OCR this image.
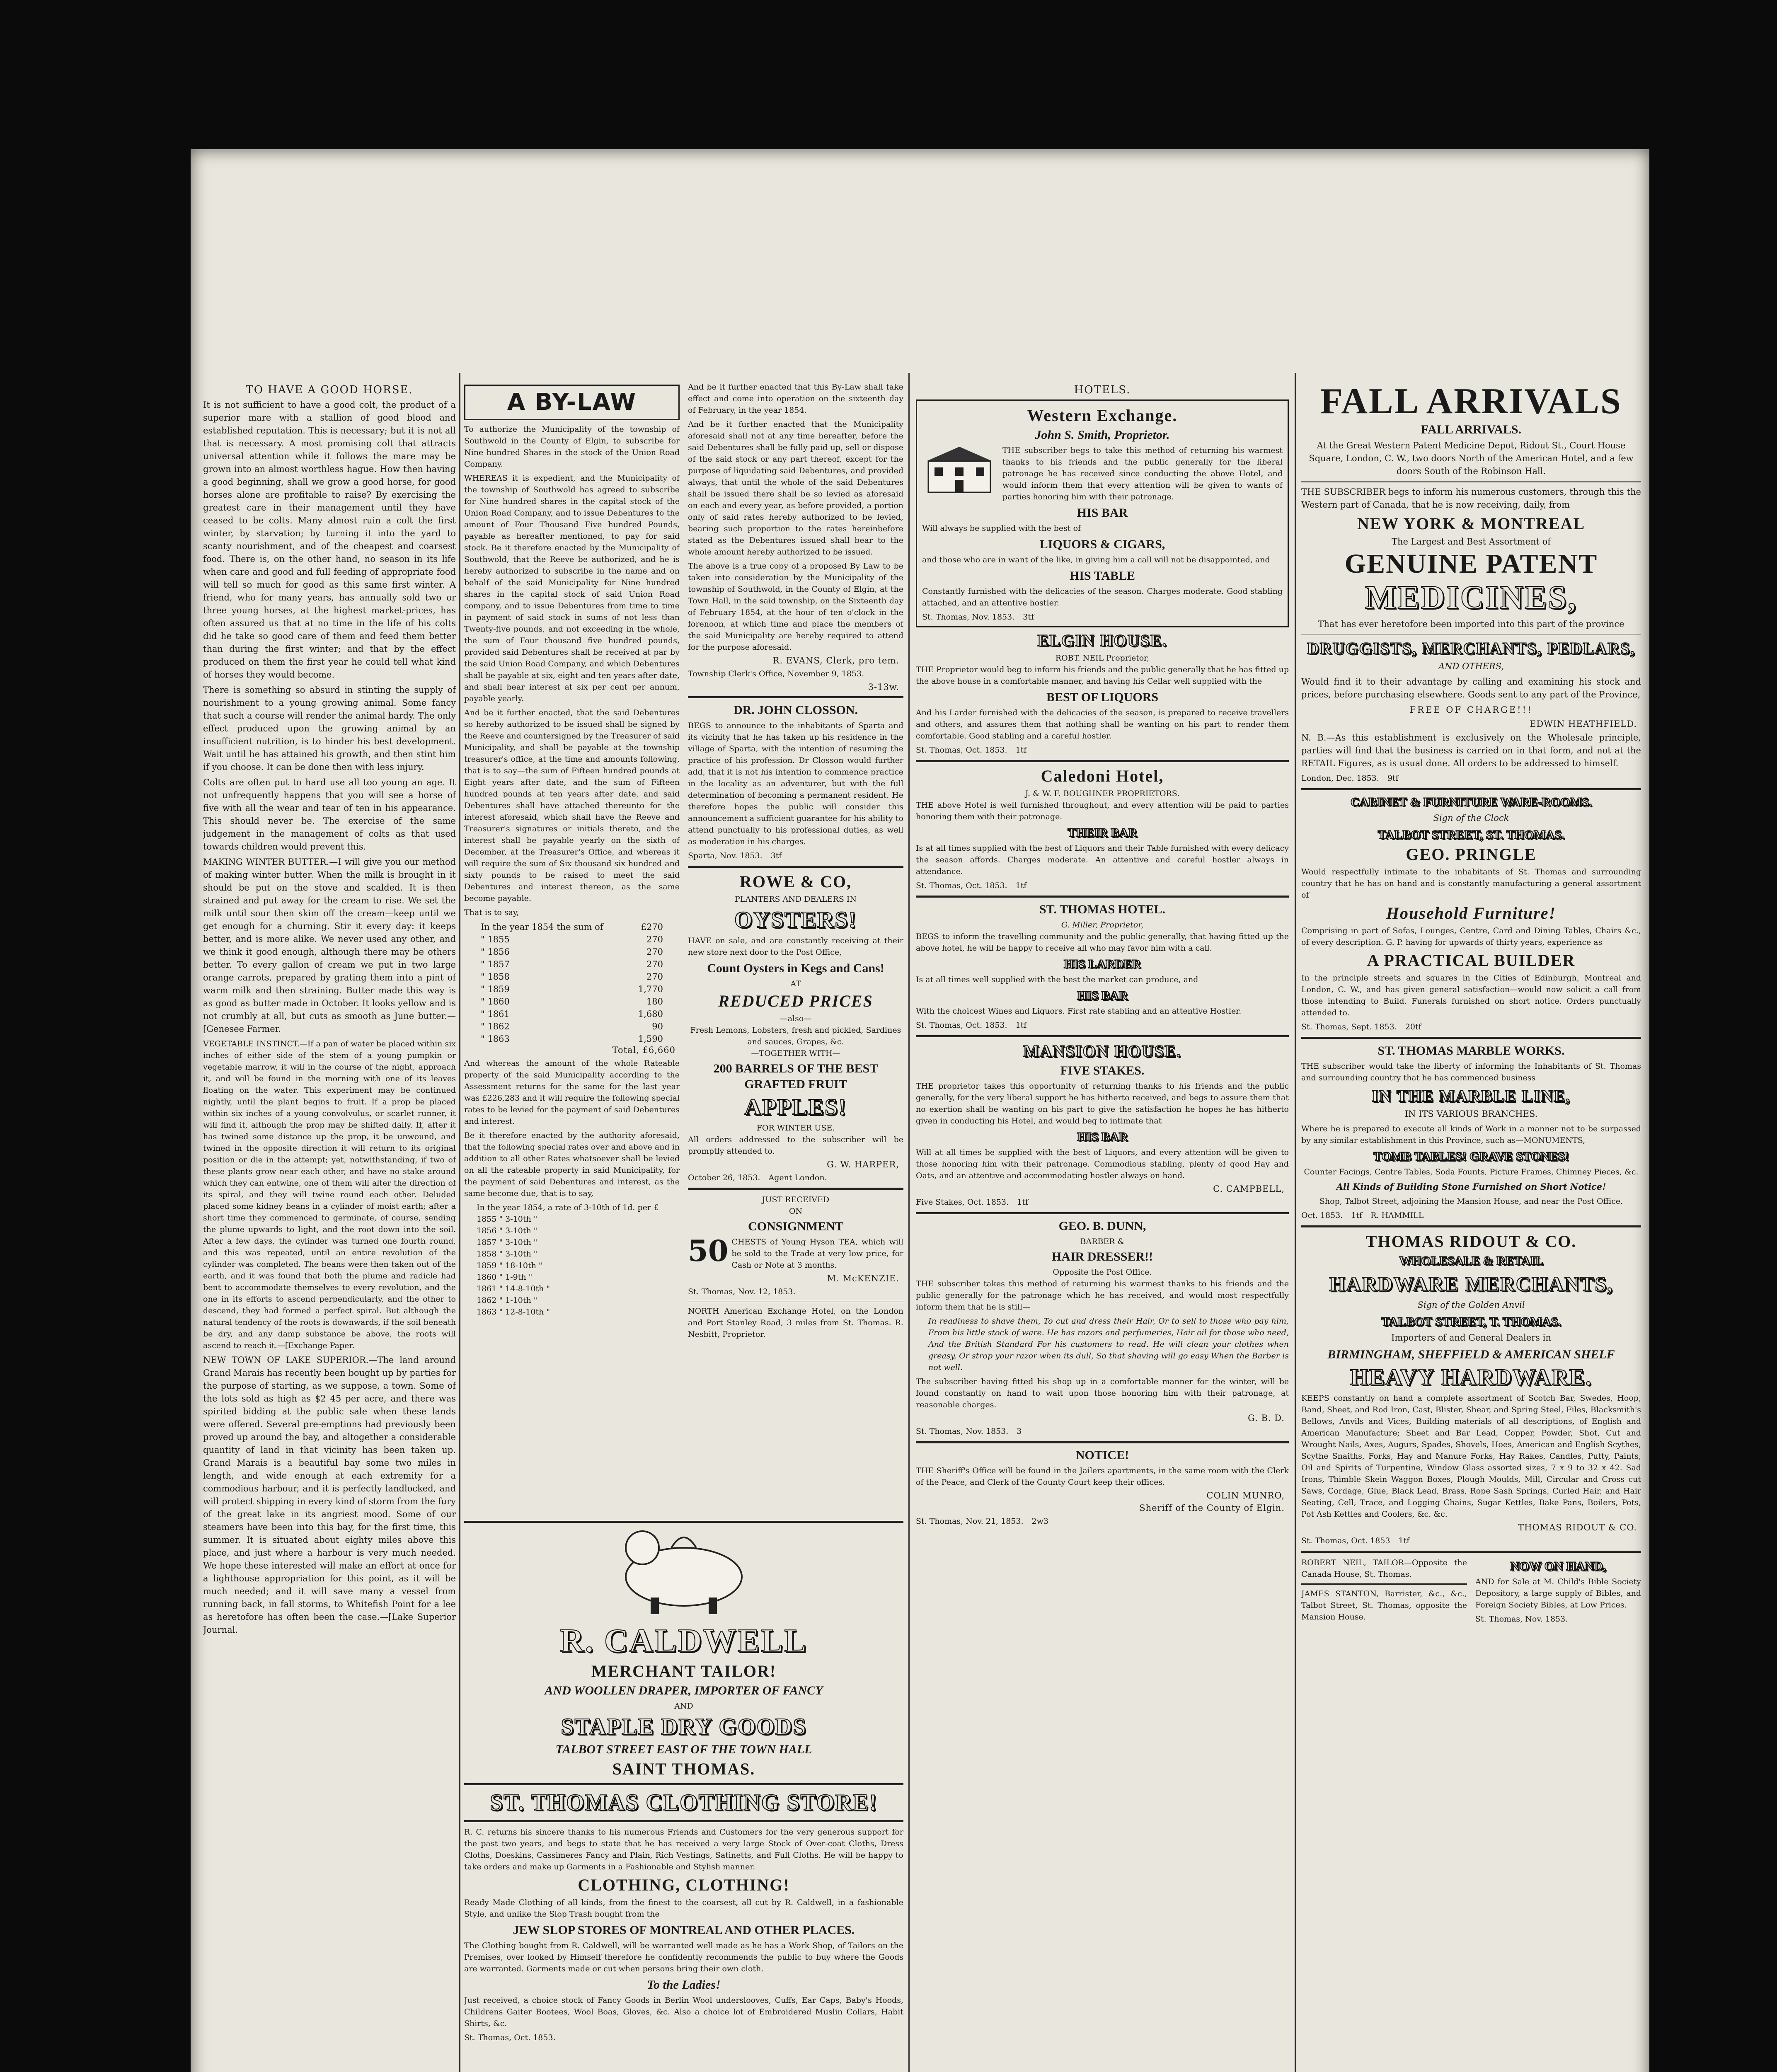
TO HAVE A GOOD HORSE.

It is not sufficient to have a good colt, the product of a superior mare with a stallion of good blood and established reputation. This is necessary; but it is not all that is necessary. A most promising colt that attracts universal attention while it follows the mare may be grown into an almost worthless hague. How then having a good beginning, shall we grow a good horse, for good horses alone are profitable to raise? By exercising the greatest care in their management until they have ceased to be colts. Many almost ruin a colt the first winter, by starvation; by turning it into the yard to scanty nourishment, and of the cheapest and coarsest food. There is, on the other hand, no season in its life when care and good and full feeding of appropriate food will tell so much for good as this same first winter. A friend, who for many years, has annually sold two or three young horses, at the highest market-prices, has often assured us that at no time in the life of his colts did he take so good care of them and feed them better than during the first winter; and that by the effect produced on them the first year he could tell what kind of horses they would become.

There is something so absurd in stinting the supply of nourishment to a young growing animal. Some fancy that such a course will render the animal hardy. The only effect produced upon the growing animal by an insufficient nutrition, is to hinder his best development. Wait until he has attained his growth, and then stint him if you choose. It can be done then with less injury.

Colts are often put to hard use all too young an age. It not unfrequently happens that you will see a horse of five with all the wear and tear of ten in his appearance. This should never be. The exercise of the same judgement in the management of colts as that used towards children would prevent this.

MAKING WINTER BUTTER.—I will give you our method of making winter butter. When the milk is brought in it should be put on the stove and scalded. It is then strained and put away for the cream to rise. We set the milk until sour then skim off the cream—keep until we get enough for a churning. Stir it every day: it keeps better, and is more alike. We never used any other, and we think it good enough, although there may be others better. To every gallon of cream we put in two large orange carrots, prepared by grating them into a pint of warm milk and then straining. Butter made this way is as good as butter made in October. It looks yellow and is not crumbly at all, but cuts as smooth as June butter.—[Genesee Farmer.

VEGETABLE INSTINCT.—If a pan of water be placed within six inches of either side of the stem of a young pumpkin or vegetable marrow, it will in the course of the night, approach it, and will be found in the morning with one of its leaves floating on the water. This experiment may be continued nightly, until the plant begins to fruit. If a prop be placed within six inches of a young convolvulus, or scarlet runner, it will find it, although the prop may be shifted daily. If, after it has twined some distance up the prop, it be unwound, and twined in the opposite direction it will return to its original position or die in the attempt; yet, notwithstanding, if two of these plants grow near each other, and have no stake around which they can entwine, one of them will alter the direction of its spiral, and they will twine round each other. Deluded placed some kidney beans in a cylinder of moist earth; after a short time they commenced to germinate, of course, sending the plume upwards to light, and the root down into the soil. After a few days, the cylinder was turned one fourth round, and this was repeated, until an entire revolution of the cylinder was completed. The beans were then taken out of the earth, and it was found that both the plume and radicle had bent to accommodate themselves to every revolution, and the one in its efforts to ascend perpendicularly, and the other to descend, they had formed a perfect spiral. But although the natural tendency of the roots is downwards, if the soil beneath be dry, and any damp substance be above, the roots will ascend to reach it.—[Exchange Paper.

NEW TOWN OF LAKE SUPERIOR.—The land around Grand Marais has recently been bought up by parties for the purpose of starting, as we suppose, a town. Some of the lots sold as high as $2 45 per acre, and there was spirited bidding at the public sale when these lands were offered. Several pre-emptions had previously been proved up around the bay, and altogether a considerable quantity of land in that vicinity has been taken up. Grand Marais is a beautiful bay some two miles in length, and wide enough at each extremity for a commodious harbour, and it is perfectly landlocked, and will protect shipping in every kind of storm from the fury of the great lake in its angriest mood. Some of our steamers have been into this bay, for the first time, this summer. It is situated about eighty miles above this place, and just where a harbour is very much needed. We hope these interested will make an effort at once for a lighthouse appropriation for this point, as it will be much needed; and it will save many a vessel from running back, in fall storms, to Whitefish Point for a lee as heretofore has often been the case.—[Lake Superior Journal.

A BY-LAW

To authorize the Municipality of the township of Southwold in the County of Elgin, to subscribe for Nine hundred Shares in the stock of the Union Road Company.

WHEREAS it is expedient, and the Municipality of the township of Southwold has agreed to subscribe for Nine hundred shares in the capital stock of the Union Road Company, and to issue Debentures to the amount of Four Thousand Five hundred Pounds, payable as hereafter mentioned, to pay for said stock. Be it therefore enacted by the Municipality of Southwold, that the Reeve be authorized, and he is hereby authorized to subscribe in the name and on behalf of the said Municipality for Nine hundred shares in the capital stock of said Union Road company, and to issue Debentures from time to time in payment of said stock in sums of not less than Twenty-five pounds, and not exceeding in the whole, the sum of Four thousand five hundred pounds, provided said Debentures shall be received at par by the said Union Road Company, and which Debentures shall be payable at six, eight and ten years after date, and shall bear interest at six per cent per annum, payable yearly.

And be it further enacted, that the said Debentures so hereby authorized to be issued shall be signed by the Reeve and countersigned by the Treasurer of said Municipality, and shall be payable at the township treasurer's office, at the time and amounts following, that is to say—the sum of Fifteen hundred pounds at Eight years after date, and the sum of Fifteen hundred pounds at ten years after date, and said Debentures shall have attached thereunto for the interest aforesaid, which shall have the Reeve and Treasurer's signatures or initials thereto, and the interest shall be payable yearly on the sixth of December, at the Treasurer's Office, and whereas it will require the sum of Six thousand six hundred and sixty pounds to be raised to meet the said Debentures and interest thereon, as the same become payable.

That is to say,

In the year 1854 the sum of	£270
" 1855	270
" 1856	270
" 1857	270
" 1858	270
" 1859	1,770
" 1860	180
" 1861	1,680
" 1862	90
" 1863	1,590
Total, £6,660

And whereas the amount of the whole Rateable property of the said Municipality according to the Assessment returns for the same for the last year was £226,283 and it will require the following special rates to be levied for the payment of said Debentures and interest.

Be it therefore enacted by the authority aforesaid, that the following special rates over and above and in addition to all other Rates whatsoever shall be levied on all the rateable property in said Municipality, for the payment of said Debentures and interest, as the same become due, that is to say,

In the year 1854, a rate of 3-10th of 1d. per £
1855 " 3-10th "
1856 " 3-10th "
1857 " 3-10th "
1858 " 3-10th "
1859 " 18-10th "
1860 " 1-9th "
1861 " 14-8-10th "
1862 " 1-10th "
1863 " 12-8-10th "

And be it further enacted that this By-Law shall take effect and come into operation on the sixteenth day of February, in the year 1854.

And be it further enacted that the Municipality aforesaid shall not at any time hereafter, before the said Debentures shall be fully paid up, sell or dispose of the said stock or any part thereof, except for the purpose of liquidating said Debentures, and provided always, that until the whole of the said Debentures shall be issued there shall be so levied as aforesaid on each and every year, as before provided, a portion only of said rates hereby authorized to be levied, bearing such proportion to the rates hereinbefore stated as the Debentures issued shall bear to the whole amount hereby authorized to be issued.

The above is a true copy of a proposed By Law to be taken into consideration by the Municipality of the township of Southwold, in the County of Elgin, at the Town Hall, in the said township, on the Sixteenth day of February 1854, at the hour of ten o'clock in the forenoon, at which time and place the members of the said Municipality are hereby required to attend for the purpose aforesaid.

R. EVANS, Clerk, pro tem.
Township Clerk's Office, November 9, 1853.
3-13w.
DR. JOHN CLOSSON.

BEGS to announce to the inhabitants of Sparta and its vicinity that he has taken up his residence in the village of Sparta, with the intention of resuming the practice of his profession. Dr Closson would further add, that it is not his intention to commence practice in the locality as an adventurer, but with the full determination of becoming a permanent resident. He therefore hopes the public will consider this announcement a sufficient guarantee for his ability to attend punctually to his professional duties, as well as moderation in his charges.

Sparta, Nov. 1853. 3tf
ROWE & CO,
PLANTERS AND DEALERS IN
OYSTERS!

HAVE on sale, and are constantly receiving at their new store next door to the Post Office,

Count Oysters in Kegs and Cans!
AT
REDUCED PRICES
—also—
Fresh Lemons, Lobsters, fresh and pickled, Sardines and sauces, Grapes, &c.
—TOGETHER WITH—
200 BARRELS OF THE BEST GRAFTED FRUIT
APPLES!
FOR WINTER USE.

All orders addressed to the subscriber will be promptly attended to.

G. W. HARPER,
October 26, 1853. Agent London.
JUST RECEIVED
ON
CONSIGNMENT

50 CHESTS of Young Hyson TEA, which will be sold to the Trade at very low price, for Cash or Note at 3 months.

M. McKENZIE.
St. Thomas, Nov. 12, 1853.

NORTH American Exchange Hotel, on the London and Port Stanley Road, 3 miles from St. Thomas. R. Nesbitt, Proprietor.

R. CALDWELL
MERCHANT TAILOR!
AND WOOLLEN DRAPER, IMPORTER OF FANCY
AND
STAPLE DRY GOODS
TALBOT STREET EAST OF THE TOWN HALL
SAINT THOMAS.
ST. THOMAS CLOTHING STORE!

R. C. returns his sincere thanks to his numerous Friends and Customers for the very generous support for the past two years, and begs to state that he has received a very large Stock of Over-coat Cloths, Dress Cloths, Doeskins, Cassimeres Fancy and Plain, Rich Vestings, Satinetts, and Full Cloths. He will be happy to take orders and make up Garments in a Fashionable and Stylish manner.

CLOTHING, CLOTHING!

Ready Made Clothing of all kinds, from the finest to the coarsest, all cut by R. Caldwell, in a fashionable Style, and unlike the Slop Trash bought from the

JEW SLOP STORES OF MONTREAL AND OTHER PLACES.

The Clothing bought from R. Caldwell, will be warranted well made as he has a Work Shop, of Tailors on the Premises, over looked by Himself therefore he confidently recommends the public to buy where the Goods are warranted. Garments made or cut when persons bring their own cloth.

To the Ladies!

Just received, a choice stock of Fancy Goods in Berlin Wool underslooves, Cuffs, Ear Caps, Baby's Hoods, Childrens Gaiter Bootees, Wool Boas, Gloves, &c. Also a choice lot of Embroidered Muslin Collars, Habit Shirts, &c.

St. Thomas, Oct. 1853.
HOTELS.
Western Exchange.
John S. Smith, Proprietor.

THE subscriber begs to take this method of returning his warmest thanks to his friends and the public generally for the liberal patronage he has received since conducting the above Hotel, and would inform them that every attention will be given to wants of parties honoring him with their patronage.

HIS BAR

Will always be supplied with the best of

LIQUORS & CIGARS,

and those who are in want of the like, in giving him a call will not be disappointed, and

HIS TABLE

Constantly furnished with the delicacies of the season. Charges moderate. Good stabling attached, and an attentive hostler.

St. Thomas, Nov. 1853. 3tf
ELGIN HOUSE.
ROBT. NEIL Proprietor,

THE Proprietor would beg to inform his friends and the public generally that he has fitted up the above house in a comfortable manner, and having his Cellar well supplied with the

BEST OF LIQUORS

And his Larder furnished with the delicacies of the season, is prepared to receive travellers and others, and assures them that nothing shall be wanting on his part to render them comfortable. Good stabling and a careful hostler.

St. Thomas, Oct. 1853. 1tf
Caledoni Hotel,
J. & W. F. BOUGHNER PROPRIETORS.

THE above Hotel is well furnished throughout, and every attention will be paid to parties honoring them with their patronage.

THEIR BAR

Is at all times supplied with the best of Liquors and their Table furnished with every delicacy the season affords. Charges moderate. An attentive and careful hostler always in attendance.

St. Thomas, Oct. 1853. 1tf
ST. THOMAS HOTEL.
G. Miller, Proprietor,

BEGS to inform the travelling community and the public generally, that having fitted up the above hotel, he will be happy to receive all who may favor him with a call.

HIS LARDER

Is at all times well supplied with the best the market can produce, and

HIS BAR

With the choicest Wines and Liquors. First rate stabling and an attentive Hostler.

St. Thomas, Oct. 1853. 1tf
MANSION HOUSE.
FIVE STAKES.

THE proprietor takes this opportunity of returning thanks to his friends and the public generally, for the very liberal support he has hitherto received, and begs to assure them that no exertion shall be wanting on his part to give the satisfaction he hopes he has hitherto given in conducting his Hotel, and would beg to intimate that

HIS BAR

Will at all times be supplied with the best of Liquors, and every attention will be given to those honoring him with their patronage. Commodious stabling, plenty of good Hay and Oats, and an attentive and accommodating hostler always on hand.

C. CAMPBELL,
Five Stakes, Oct. 1853. 1tf
GEO. B. DUNN,
BARBER &
HAIR DRESSER!!
Opposite the Post Office.

THE subscriber takes this method of returning his warmest thanks to his friends and the public generally for the patronage which he has received, and would most respectfully inform them that he is still—

In readiness to shave them, To cut and dress their Hair, Or to sell to those who pay him, From his little stock of ware. He has razors and perfumeries, Hair oil for those who need, And the British Standard For his customers to read. He will clean your clothes when greasy, Or strop your razor when its dull, So that shaving will go easy When the Barber is not well.

The subscriber having fitted his shop up in a comfortable manner for the winter, will be found constantly on hand to wait upon those honoring him with their patronage, at reasonable charges.

G. B. D.
St. Thomas, Nov. 1853. 3
NOTICE!

THE Sheriff's Office will be found in the Jailers apartments, in the same room with the Clerk of the Peace, and Clerk of the County Court keep their offices.

COLIN MUNRO,
Sheriff of the County of Elgin.
St. Thomas, Nov. 21, 1853. 2w3
FALL ARRIVALS
FALL ARRIVALS.

At the Great Western Patent Medicine Depot, Ridout St., Court House Square, London, C. W., two doors North of the American Hotel, and a few doors South of the Robinson Hall.

THE SUBSCRIBER begs to inform his numerous customers, through this the Western part of Canada, that he is now receiving, daily, from

NEW YORK & MONTREAL
The Largest and Best Assortment of
GENUINE PATENT
MEDICINES,

That has ever heretofore been imported into this part of the province

DRUGGISTS, MERCHANTS, PEDLARS,
AND OTHERS,

Would find it to their advantage by calling and examining his stock and prices, before purchasing elsewhere. Goods sent to any part of the Province,

FREE OF CHARGE!!!
EDWIN HEATHFIELD.

N. B.—As this establishment is exclusively on the Wholesale principle, parties will find that the business is carried on in that form, and not at the RETAIL Figures, as is usual done. All orders to be addressed to himself.

London, Dec. 1853. 9tf
CABINET & FURNITURE WARE-ROOMS.
Sign of the Clock
TALBOT STREET, ST. THOMAS.
GEO. PRINGLE

Would respectfully intimate to the inhabitants of St. Thomas and surrounding country that he has on hand and is constantly manufacturing a general assortment of

Household Furniture!

Comprising in part of Sofas, Lounges, Centre, Card and Dining Tables, Chairs &c., of every description. G. P. having for upwards of thirty years, experience as

A PRACTICAL BUILDER

In the principle streets and squares in the Cities of Edinburgh, Montreal and London, C. W., and has given general satisfaction—would now solicit a call from those intending to Build. Funerals furnished on short notice. Orders punctually attended to.

St. Thomas, Sept. 1853. 20tf
ST. THOMAS MARBLE WORKS.

THE subscriber would take the liberty of informing the Inhabitants of St. Thomas and surrounding country that he has commenced business

IN THE MARBLE LINE,
IN ITS VARIOUS BRANCHES.

Where he is prepared to execute all kinds of Work in a manner not to be surpassed by any similar establishment in this Province, such as—MONUMENTS,

TOMB TABLES! GRAVE STONES!

Counter Facings, Centre Tables, Soda Founts, Picture Frames, Chimney Pieces, &c.

All Kinds of Building Stone Furnished on Short Notice!

Shop, Talbot Street, adjoining the Mansion House, and near the Post Office.

Oct. 1853. 1tf R. HAMMILL
THOMAS RIDOUT & CO.
WHOLESALE & RETAIL
HARDWARE MERCHANTS,
Sign of the Golden Anvil
TALBOT STREET, T. THOMAS.
Importers of and General Dealers in
BIRMINGHAM, SHEFFIELD & AMERICAN SHELF
HEAVY HARDWARE.

KEEPS constantly on hand a complete assortment of Scotch Bar, Swedes, Hoop, Band, Sheet, and Rod Iron, Cast, Blister, Shear, and Spring Steel, Files, Blacksmith's Bellows, Anvils and Vices, Building materials of all descriptions, of English and American Manufacture; Sheet and Bar Lead, Copper, Powder, Shot, Cut and Wrought Nails, Axes, Augurs, Spades, Shovels, Hoes, American and English Scythes, Scythe Snaiths, Forks, Hay and Manure Forks, Hay Rakes, Candles, Putty, Paints, Oil and Spirits of Turpentine, Window Glass assorted sizes, 7 x 9 to 32 x 42. Sad Irons, Thimble Skein Waggon Boxes, Plough Moulds, Mill, Circular and Cross cut Saws, Cordage, Glue, Black Lead, Brass, Rope Sash Springs, Curled Hair, and Hair Seating, Cell, Trace, and Logging Chains, Sugar Kettles, Bake Pans, Boilers, Pots, Pot Ash Kettles and Coolers, &c. &c.

THOMAS RIDOUT & CO.
St. Thomas, Oct. 1853 1tf

ROBERT NEIL, TAILOR—Opposite the Canada House, St. Thomas.

JAMES STANTON, Barrister, &c., &c., Talbot Street, St. Thomas, opposite the Mansion House.

NOW ON HAND,

AND for Sale at M. Child's Bible Society Depository, a large supply of Bibles, and Foreign Society Bibles, at Low Prices.

St. Thomas, Nov. 1853.
